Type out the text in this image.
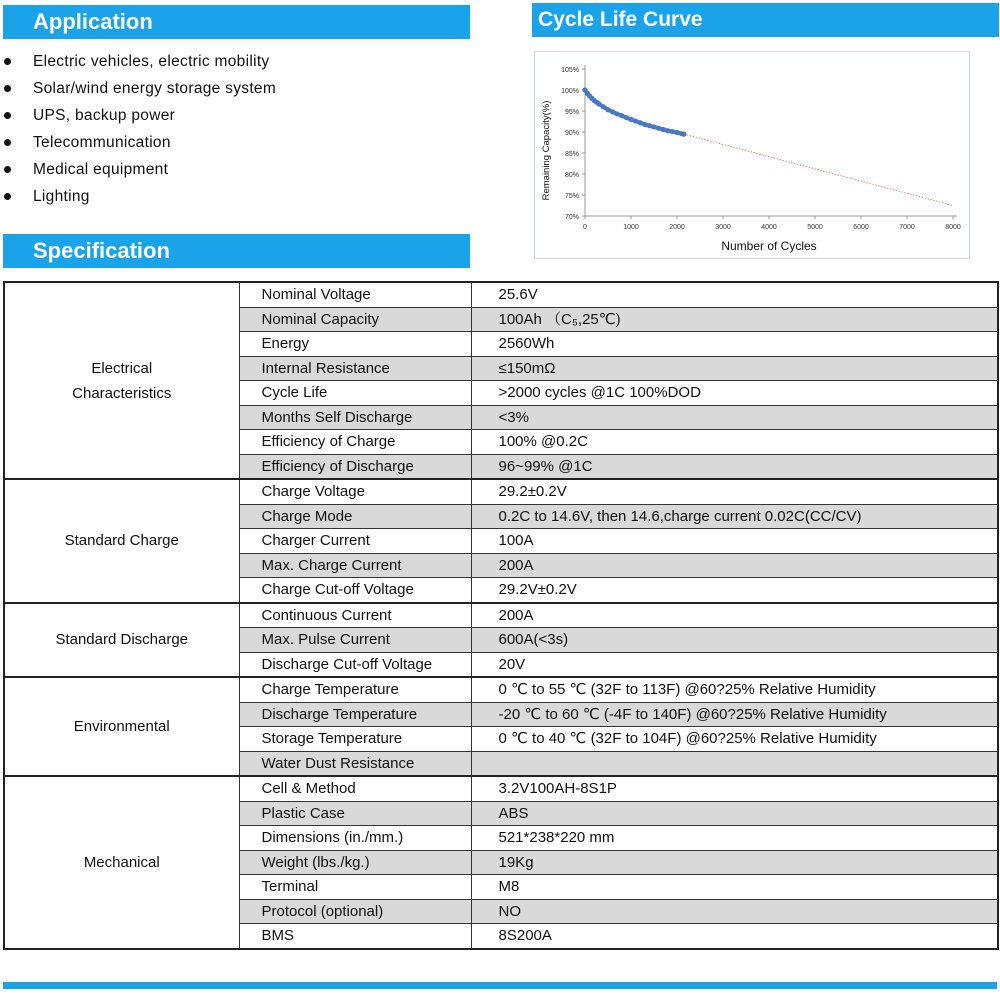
Application
Electric vehicles, electric mobility
Solar/wind energy storage system
UPS, backup power
Telecommunication
Medical equipment
Lighting
Cycle Life Curve
70%
75%
80%
85%
90%
95%
100%
105%
0	1000	2000	3000	4000	5000	6000	7000	8000
Number of Cycles
Remaining Capacity(%)
Specification
Electrical
Characteristics	Nominal Voltage	25.6V
	Nominal Capacity	100Ah （C₅,25℃)
	Energy	2560Wh
	Internal Resistance	≤150mΩ
	Cycle Life	>2000 cycles @1C 100%DOD
	Months Self Discharge	<3%
	Efficiency of Charge	100% @0.2C
	Efficiency of Discharge	96~99% @1C
Standard Charge	Charge Voltage	29.2±0.2V
	Charge Mode	0.2C to 14.6V, then 14.6,charge current 0.02C(CC/CV)
	Charger Current	100A
	Max. Charge Current	200A
	Charge Cut-off Voltage	29.2V±0.2V
Standard Discharge	Continuous Current	200A
	Max. Pulse Current	600A(<3s)
	Discharge Cut-off Voltage	20V
Environmental	Charge Temperature	0 ℃ to 55 ℃ (32F to 113F) @60?25% Relative Humidity
	Discharge Temperature	-20 ℃ to 60 ℃ (-4F to 140F) @60?25% Relative Humidity
	Storage Temperature	0 ℃ to 40 ℃ (32F to 104F) @60?25% Relative Humidity
	Water Dust Resistance	
Mechanical	Cell & Method	3.2V100AH-8S1P
	Plastic Case	ABS
	Dimensions (in./mm.)	521*238*220 mm
	Weight (lbs./kg.)	19Kg
	Terminal	M8
	Protocol (optional)	NO
	BMS	8S200A
